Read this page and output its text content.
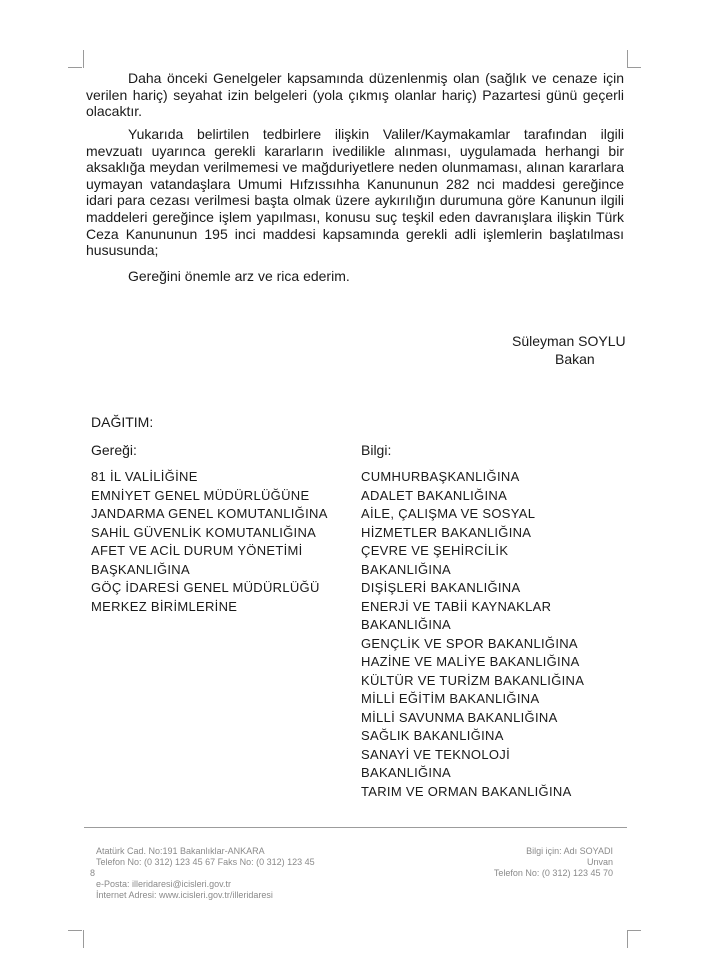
Daha önceki Genelgeler kapsamında düzenlenmiş olan (sağlık ve cenaze için verilen hariç) seyahat izin belgeleri (yola çıkmış olanlar hariç) Pazartesi günü geçerli olacaktır.

Yukarıda belirtilen tedbirlere ilişkin Valiler/Kaymakamlar tarafından ilgili mevzuatı uyarınca gerekli kararların ivedilikle alınması, uygulamada herhangi bir aksaklığa meydan verilmemesi ve mağduriyetlere neden olunmaması, alınan kararlara uymayan vatandaşlara Umumi Hıfzıssıhha Kanununun 282 nci maddesi gereğince idari para cezası verilmesi başta olmak üzere aykırılığın durumuna göre Kanunun ilgili maddeleri gereğince işlem yapılması, konusu suç teşkil eden davranışlara ilişkin Türk Ceza Kanununun 195 inci maddesi kapsamında gerekli adli işlemlerin başlatılması hususunda;

Gereğini önemle arz ve rica ederim.

Süleyman SOYLU
Bakan
DAĞITIM:
Gereği:	Bilgi:
81 İL VALİLİĞİNE
EMNİYET GENEL MÜDÜRLÜĞÜNE
JANDARMA GENEL KOMUTANLIĞINA
SAHİL GÜVENLİK KOMUTANLIĞINA
AFET VE ACİL DURUM YÖNETİMİ
BAŞKANLIĞINA
GÖÇ İDARESİ GENEL MÜDÜRLÜĞÜ
MERKEZ BİRİMLERİNE
CUMHURBAŞKANLIĞINA
ADALET BAKANLIĞINA
AİLE, ÇALIŞMA VE SOSYAL
HİZMETLER BAKANLIĞINA
ÇEVRE VE ŞEHİRCİLİK
BAKANLIĞINA
DIŞİŞLERİ BAKANLIĞINA
ENERJİ VE TABİİ KAYNAKLAR
BAKANLIĞINA
GENÇLİK VE SPOR BAKANLIĞINA
HAZİNE VE MALİYE BAKANLIĞINA
KÜLTÜR VE TURİZM BAKANLIĞINA
MİLLİ EĞİTİM BAKANLIĞINA
MİLLİ SAVUNMA BAKANLIĞINA
SAĞLIK BAKANLIĞINA
SANAYİ VE TEKNOLOJİ
BAKANLIĞINA
TARIM VE ORMAN BAKANLIĞINA
Atatürk Cad. No:191 Bakanlıklar-ANKARA
Telefon No: (0 312) 123 45 67 Faks No: (0 312) 123 45
8

e-Posta: illeridaresi@icisleri.gov.tr
İnternet Adresi: www.icisleri.gov.tr/illeridaresi
Bilgi için: Adı SOYADI
Unvan
Telefon No: (0 312) 123 45 70
